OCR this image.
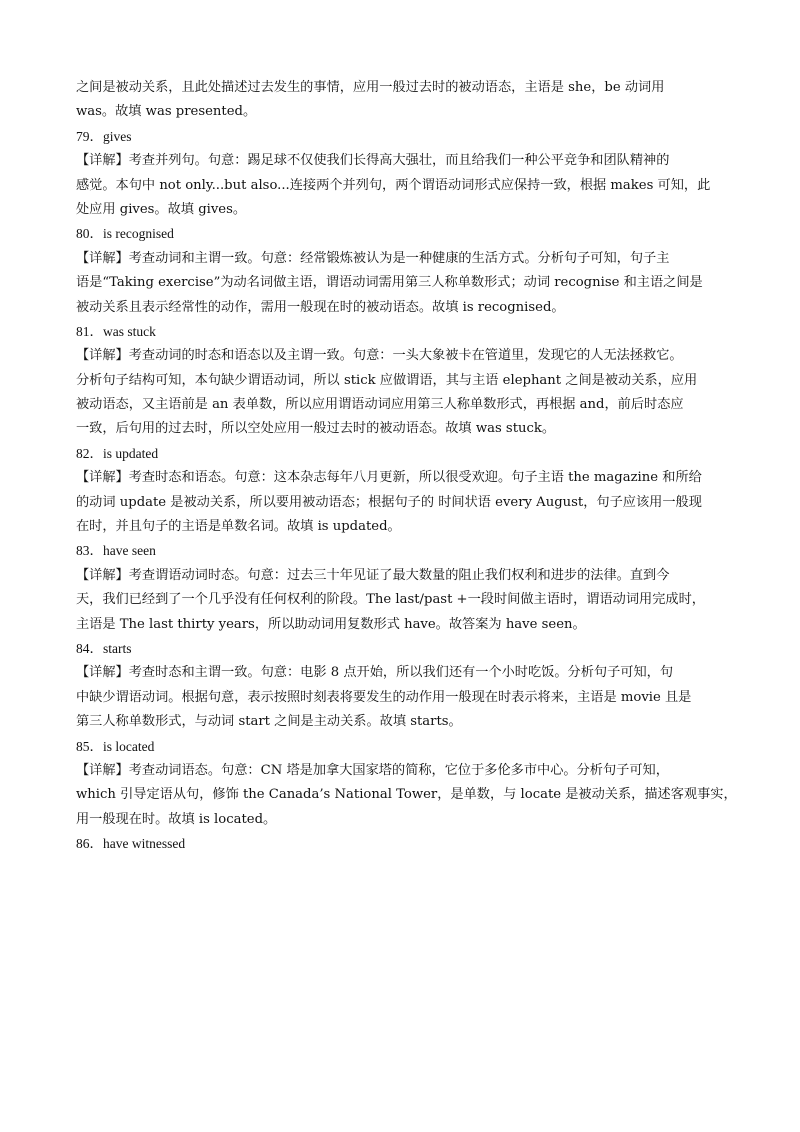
之间是被动关系，且此处描述过去发生的事情，应用一般过去时的被动语态，主语是 she，be 动词用
was。故填 was presented。
79．gives
【详解】考查并列句。句意：踢足球不仅使我们长得高大强壮，而且给我们一种公平竞争和团队精神的
感觉。本句中 not only...but also...连接两个并列句，两个谓语动词形式应保持一致，根据 makes 可知，此
处应用 gives。故填 gives。
80．is recognised
【详解】考查动词和主谓一致。句意：经常锻炼被认为是一种健康的生活方式。分析句子可知，句子主
语是“Taking exercise”为动名词做主语，谓语动词需用第三人称单数形式；动词 recognise 和主语之间是
被动关系且表示经常性的动作，需用一般现在时的被动语态。故填 is recognised。
81．was stuck
【详解】考查动词的时态和语态以及主谓一致。句意：一头大象被卡在管道里，发现它的人无法拯救它。
分析句子结构可知，本句缺少谓语动词，所以 stick 应做谓语，其与主语 elephant 之间是被动关系，应用
被动语态，又主语前是 an 表单数，所以应用谓语动词应用第三人称单数形式，再根据 and，前后时态应
一致，后句用的过去时，所以空处应用一般过去时的被动语态。故填 was stuck。
82．is updated
【详解】考查时态和语态。句意：这本杂志每年八月更新，所以很受欢迎。句子主语 the magazine 和所给
的动词 update 是被动关系，所以要用被动语态；根据句子的 时间状语 every August，句子应该用一般现
在时，并且句子的主语是单数名词。故填 is updated。
83．have seen
【详解】考查谓语动词时态。句意：过去三十年见证了最大数量的阻止我们权利和进步的法律。直到今
天，我们已经到了一个几乎没有任何权利的阶段。The last/past +一段时间做主语时，谓语动词用完成时，
主语是 The last thirty years，所以助动词用复数形式 have。故答案为 have seen。
84．starts
【详解】考查时态和主谓一致。句意：电影 8 点开始，所以我们还有一个小时吃饭。分析句子可知，句
中缺少谓语动词。根据句意，表示按照时刻表将要发生的动作用一般现在时表示将来，主语是 movie 且是
第三人称单数形式，与动词 start 之间是主动关系。故填 starts。
85．is located
【详解】考查动词语态。句意：CN 塔是加拿大国家塔的简称，它位于多伦多市中心。分析句子可知，
which 引导定语从句，修饰 the Canada’s National Tower，是单数，与 locate 是被动关系，描述客观事实，
用一般现在时。故填 is located。
86．have witnessed
